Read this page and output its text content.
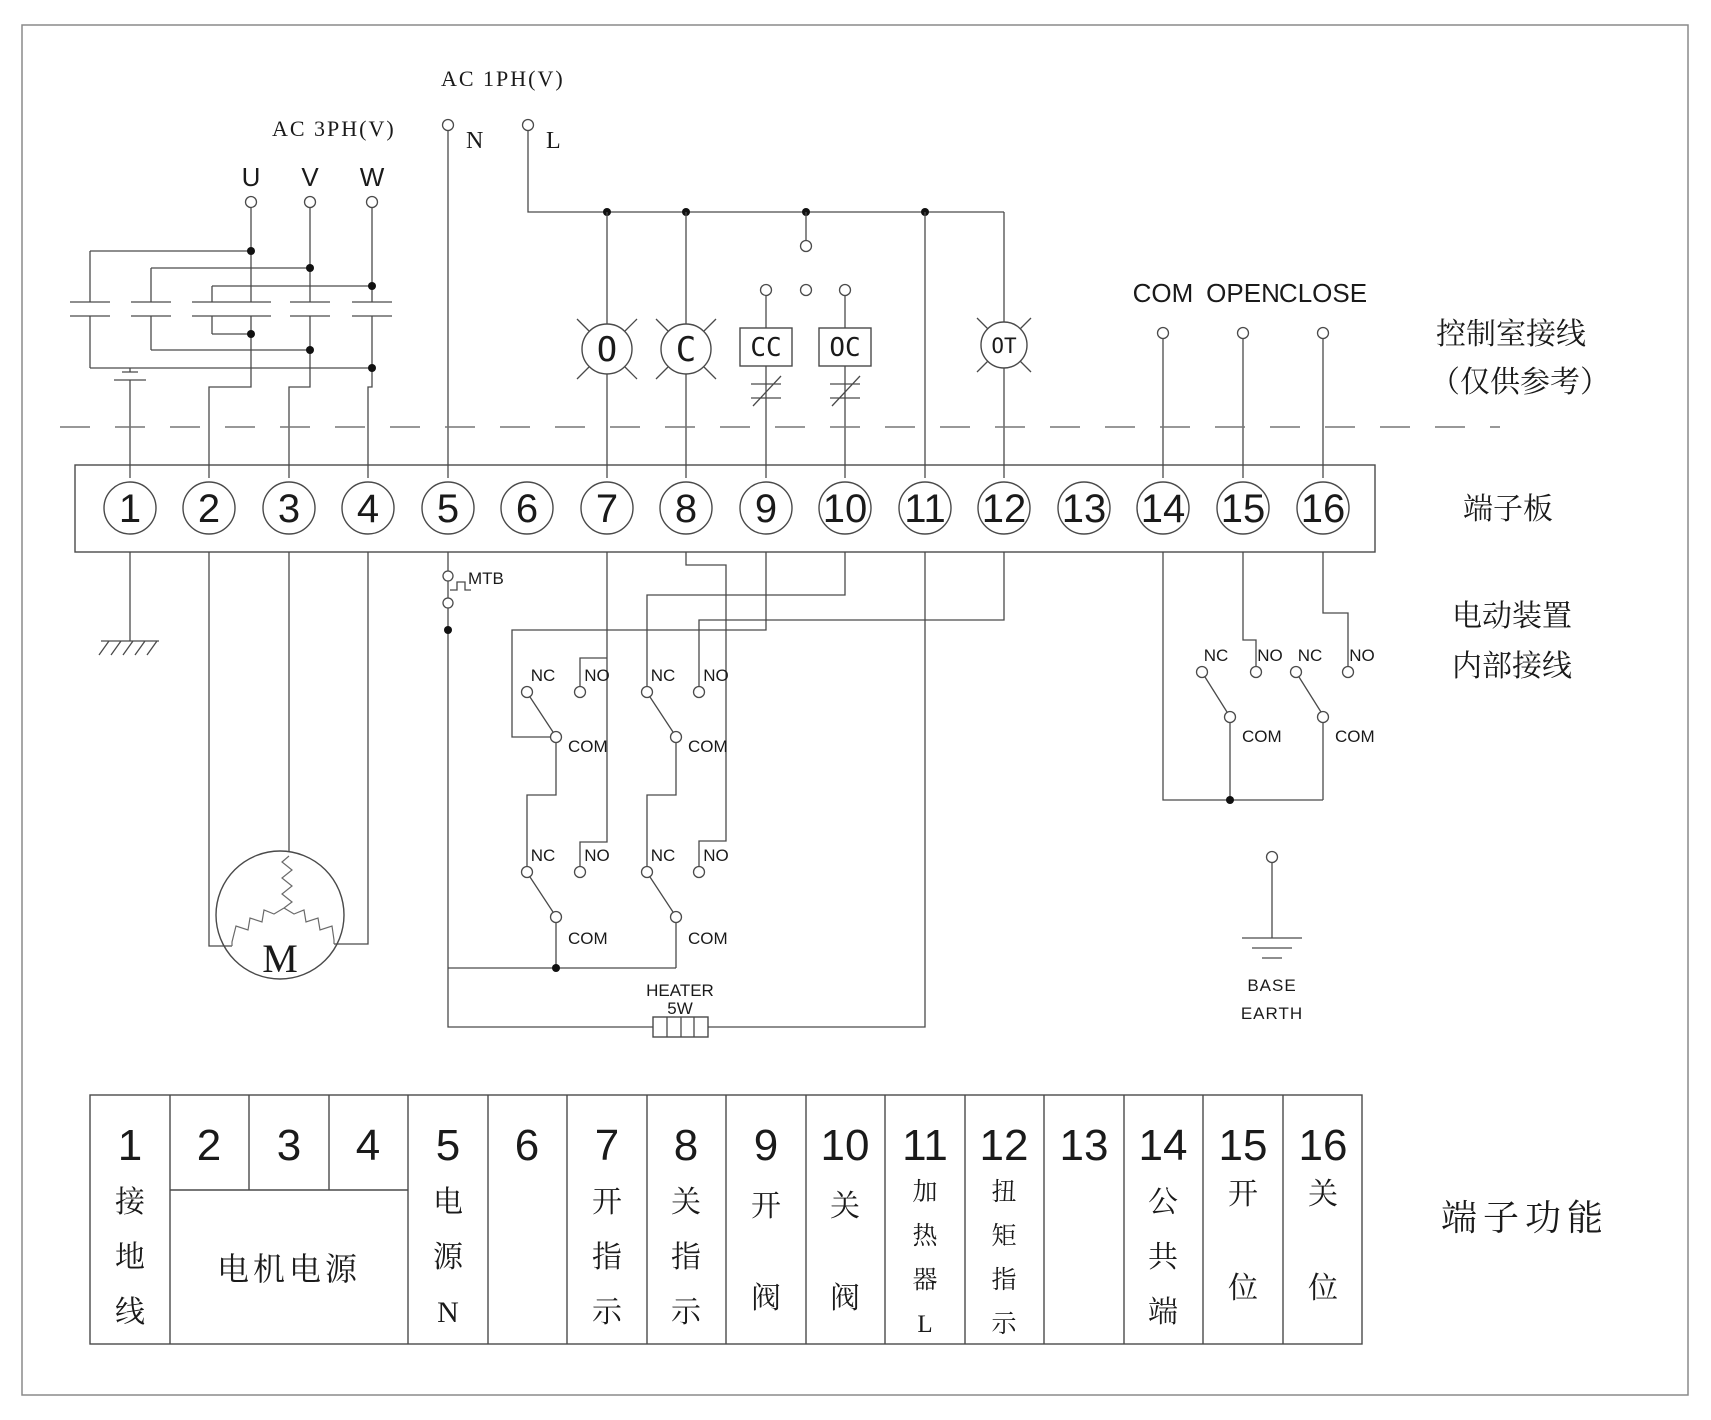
AC 3PH(V)
U V W
AC 1PH(V)
N	L
O C CC OC	OT
COM OPEN CLOSE
控制室接线
（仅供参考）
端子板
电动装置
内部接线
1 2 3 4 5 6 7 8 9 10 11 12 13 14 15 16
M
MTB
HEATER
5W
NC NO
COM
NC NO
COM
NC NO
COM
NC NO
COM
NC NO
COM
NC NO
COM
BASE
EARTH
1 2 3 4 5 6 7 8 9 10 11 12 13 14 15 16
接地线
电机电源
电源 N
开指示
关指示
开阀
关阀
加热器 L
扭矩指示
公共端
开位
关位
端子功能
